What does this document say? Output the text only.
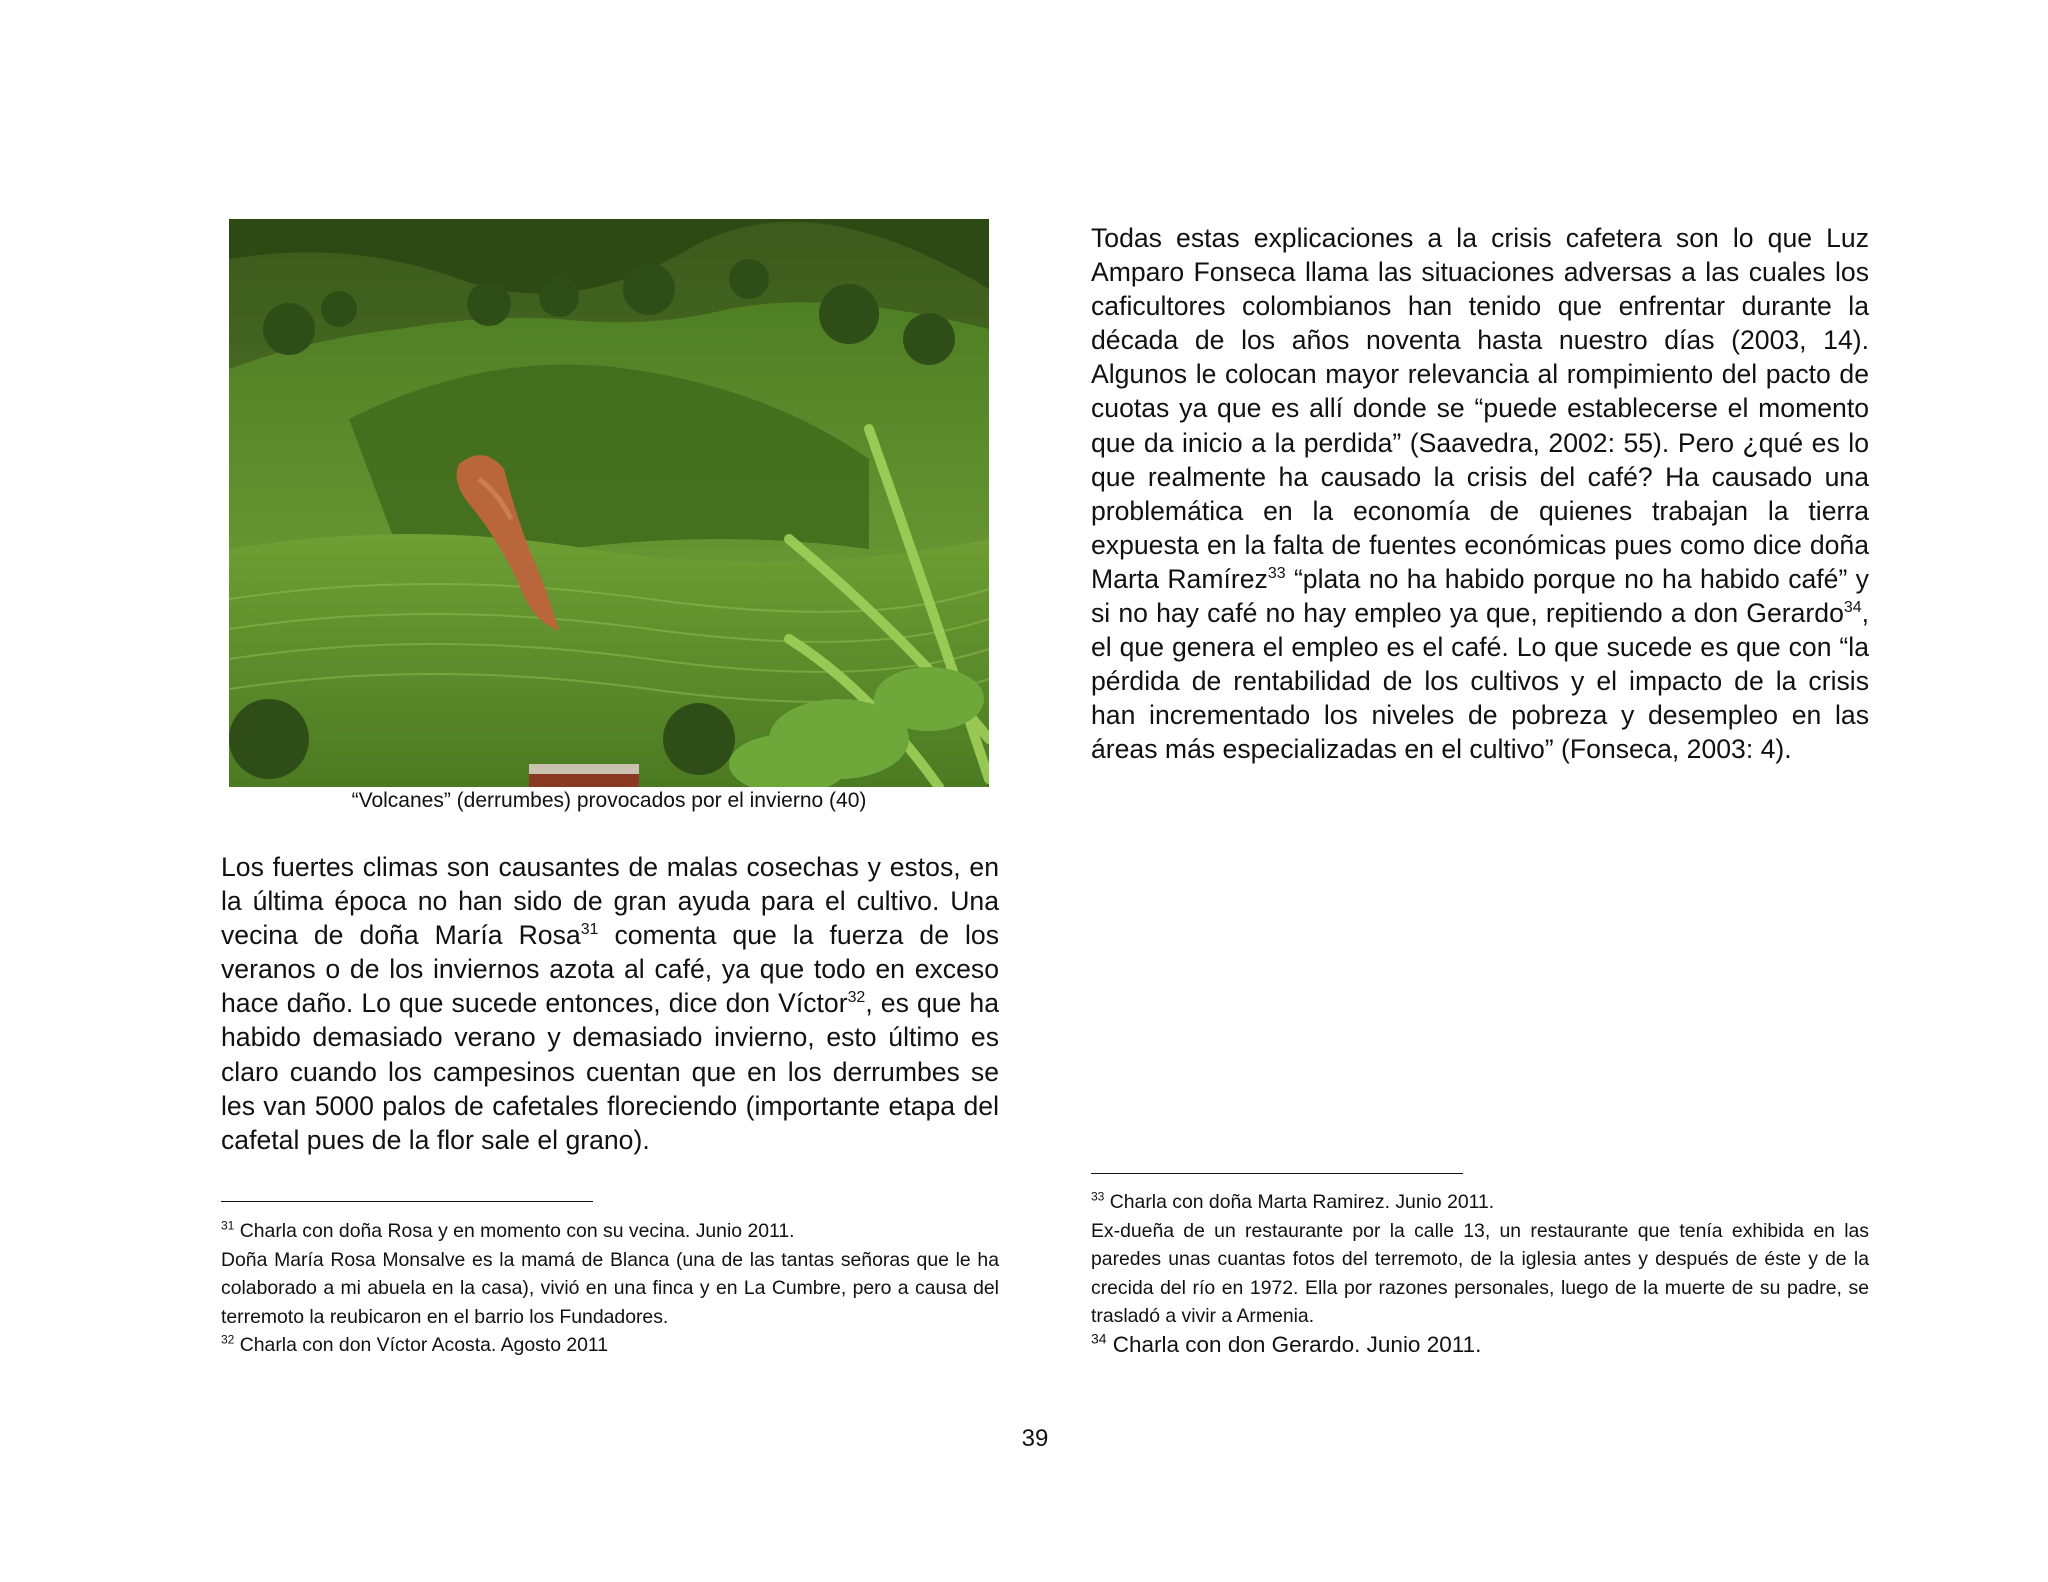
“Volcanes” (derrumbes) provocados por el invierno (40)

Los fuertes climas son causantes de malas cosechas y estos, en la última época no han sido de gran ayuda para el cultivo. Una vecina de doña María Rosa$^{31}$ comenta que la fuerza de los veranos o de los inviernos azota al café, ya que todo en exceso hace daño. Lo que sucede entonces, dice don Víctor$^{32}$, es que ha habido demasiado verano y demasiado invierno, esto último es claro cuando los campesinos cuentan que en los derrumbes se les van 5000 palos de cafetales floreciendo (importante etapa del cafetal pues de la flor sale el grano).

Todas estas explicaciones a la crisis cafetera son lo que Luz Amparo Fonseca llama las situaciones adversas a las cuales los caficultores colombianos han tenido que enfrentar durante la década de los años noventa hasta nuestro días (2003, 14). Algunos le colocan mayor relevancia al rompimiento del pacto de cuotas ya que es allí donde se “puede establecerse el momento que da inicio a la perdida” (Saavedra, 2002: 55). Pero ¿qué es lo que realmente ha causado la crisis del café? Ha causado una problemática en la economía de quienes trabajan la tierra expuesta en la falta de fuentes económicas pues como dice doña Marta Ramírez$^{33}$ “plata no ha habido porque no ha habido café” y si no hay café no hay empleo ya que, repitiendo a don Gerardo$^{34}$, el que genera el empleo es el café. Lo que sucede es que con “la pérdida de rentabilidad de los cultivos y el impacto de la crisis han incrementado los niveles de pobreza y desempleo en las áreas más especializadas en el cultivo” (Fonseca, 2003: 4).

$^{31}$ Charla con doña Rosa y en momento con su vecina. Junio 2011.

Doña María Rosa Monsalve es la mamá de Blanca (una de las tantas señoras que le ha colaborado a mi abuela en la casa), vivió en una finca y en La Cumbre, pero a causa del terremoto la reubicaron en el barrio los Fundadores.

$^{32}$ Charla con don Víctor Acosta. Agosto 2011

$^{33}$ Charla con doña Marta Ramirez. Junio 2011.

Ex-dueña de un restaurante por la calle 13, un restaurante que tenía exhibida en las paredes unas cuantas fotos del terremoto, de la iglesia antes y después de éste y de la crecida del río en 1972. Ella por razones personales, luego de la muerte de su padre, se trasladó a vivir a Armenia.

$^{34}$ Charla con don Gerardo. Junio 2011.

39
